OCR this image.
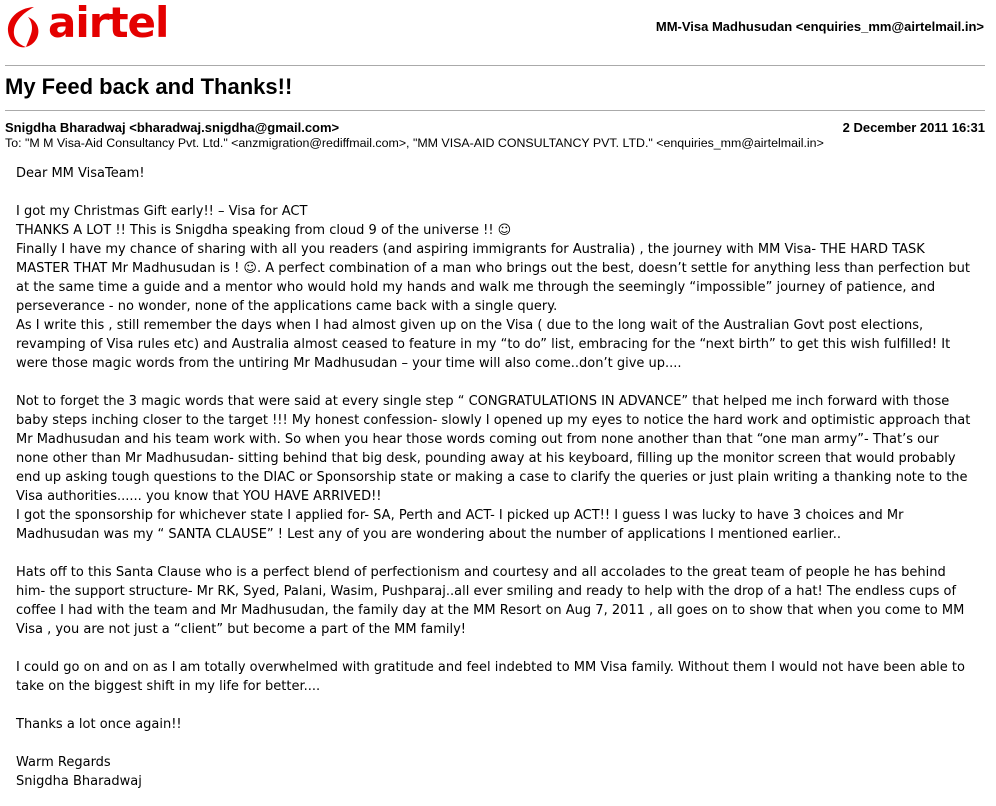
airtel	MM-Visa Madhusudan <enquiries_mm@airtelmail.in>
My Feed back and Thanks!!
Snigdha Bharadwaj <bharadwaj.snigdha@gmail.com>	2 December 2011 16:31
To: "M M Visa-Aid Consultancy Pvt. Ltd." <anzmigration@rediffmail.com>, "MM VISA-AID CONSULTANCY PVT. LTD." <enquiries_mm@airtelmail.in>

Dear MM VisaTeam!

I got my Christmas Gift early!! – Visa for ACT

THANKS A LOT !! This is Snigdha speaking from cloud 9 of the universe !! ☺

Finally I have my chance of sharing with all you readers (and aspiring immigrants for Australia) , the journey with MM Visa- THE HARD TASK MASTER THAT Mr Madhusudan is ! ☺. A perfect combination of a man who brings out the best, doesn’t settle for anything less than perfection but at the same time a guide and a mentor who would hold my hands and walk me through the seemingly “impossible” journey of patience, and perseverance - no wonder, none of the applications came back with a single query.

As I write this , still remember the days when I had almost given up on the Visa ( due to the long wait of the Australian Govt post elections, revamping of Visa rules etc) and Australia almost ceased to feature in my “to do” list, embracing for the “next birth” to get this wish fulfilled! It were those magic words from the untiring Mr Madhusudan – your time will also come..don’t give up....

Not to forget the 3 magic words that were said at every single step “ CONGRATULATIONS IN ADVANCE” that helped me inch forward with those baby steps inching closer to the target !!! My honest confession- slowly I opened up my eyes to notice the hard work and optimistic approach that Mr Madhusudan and his team work with. So when you hear those words coming out from none another than that “one man army”- That’s our none other than Mr Madhusudan- sitting behind that big desk, pounding away at his keyboard, filling up the monitor screen that would probably end up asking tough questions to the DIAC or Sponsorship state or making a case to clarify the queries or just plain writing a thanking note to the Visa authorities...... you know that YOU HAVE ARRIVED!!

I got the sponsorship for whichever state I applied for- SA, Perth and ACT- I picked up ACT!! I guess I was lucky to have 3 choices and Mr Madhusudan was my “ SANTA CLAUSE” ! Lest any of you are wondering about the number of applications I mentioned earlier..

Hats off to this Santa Clause who is a perfect blend of perfectionism and courtesy and all accolades to the great team of people he has behind him- the support structure- Mr RK, Syed, Palani, Wasim, Pushparaj..all ever smiling and ready to help with the drop of a hat! The endless cups of coffee I had with the team and Mr Madhusudan, the family day at the MM Resort on Aug 7, 2011 , all goes on to show that when you come to MM Visa , you are not just a “client” but become a part of the MM family!

I could go on and on as I am totally overwhelmed with gratitude and feel indebted to MM Visa family. Without them I would not have been able to take on the biggest shift in my life for better....

Thanks a lot once again!!

Warm Regards

Snigdha Bharadwaj
